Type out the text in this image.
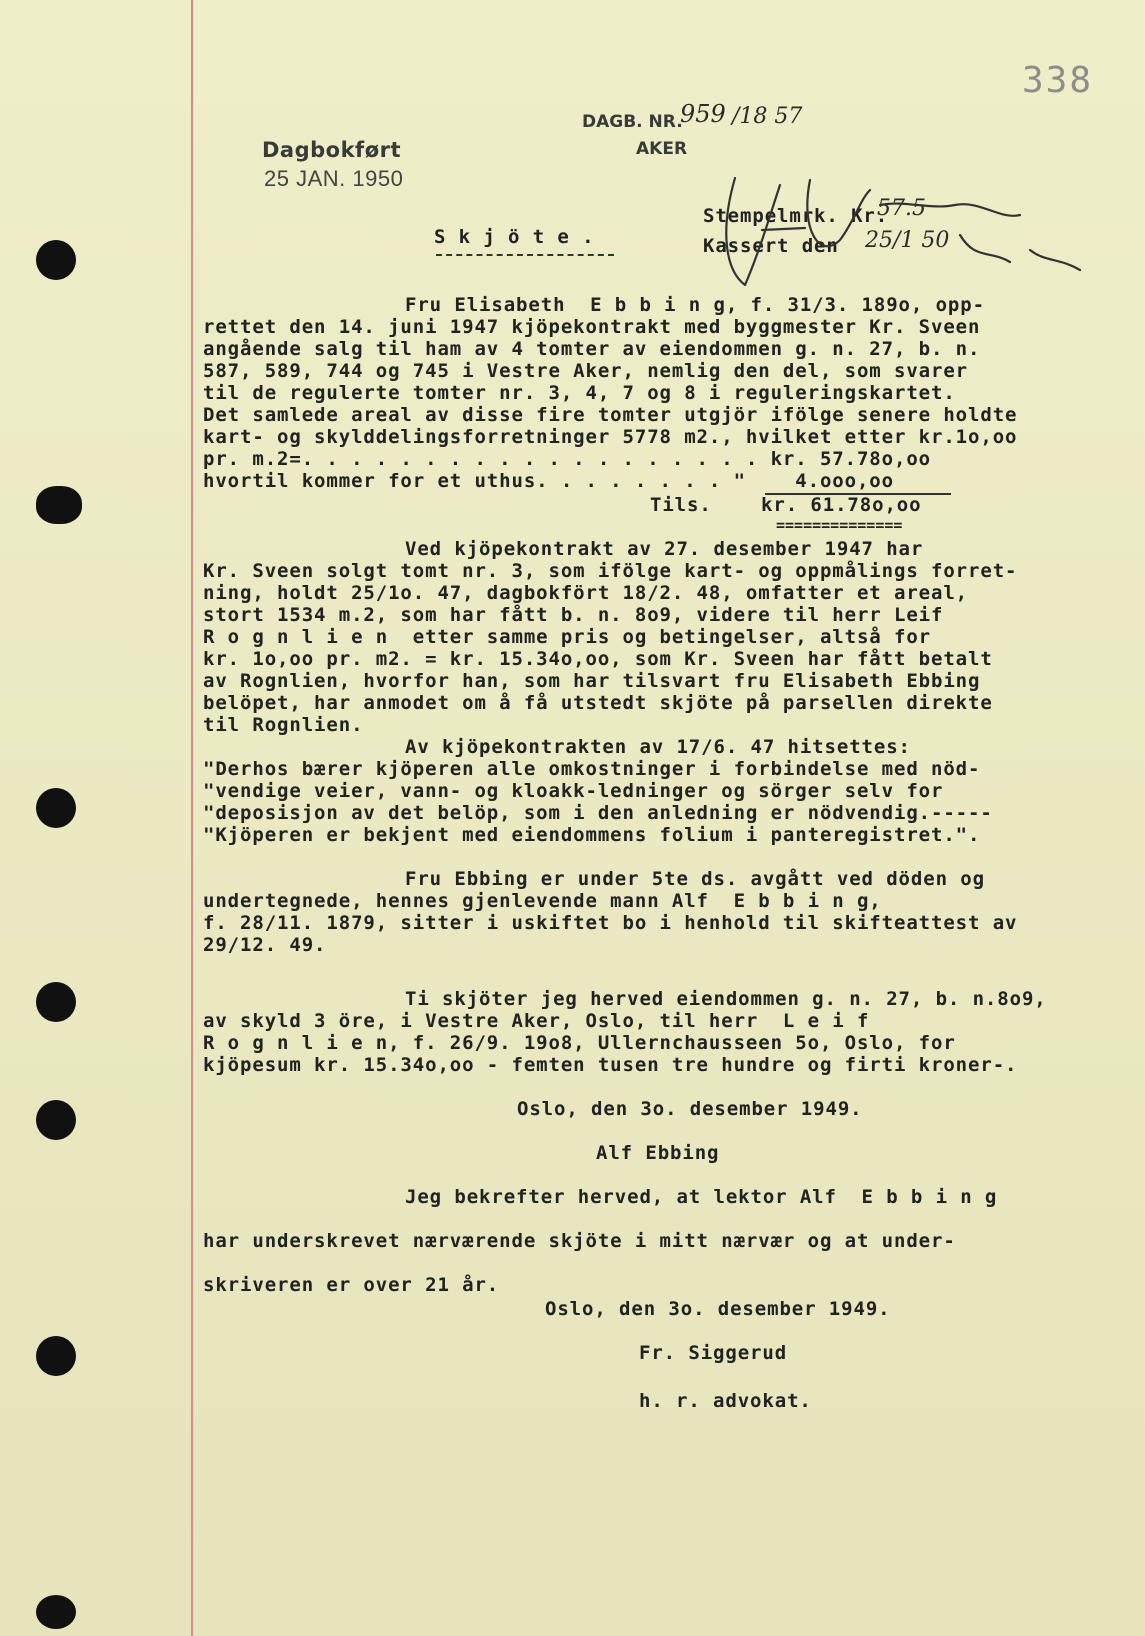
338
Dagbokført
25 JAN. 1950
DAGB. NR.
959 /18 57
AKER
S k j ö t e .
Stempelmrk. Kr.
Kassert den
57.5
25/1 50
Fru Elisabeth  E b b i n g, f. 31/3. 189o, opp-
rettet den 14. juni 1947 kjöpekontrakt med byggmester Kr. Sveen
angående salg til ham av 4 tomter av eiendommen g. n. 27, b. n.
587, 589, 744 og 745 i Vestre Aker, nemlig den del, som svarer
til de regulerte tomter nr. 3, 4, 7 og 8 i reguleringskartet.
Det samlede areal av disse fire tomter utgjör ifölge senere holdte
kart- og skylddelingsforretninger 5778 m2., hvilket etter kr.1o,oo
pr. m.2=. . . . . . . . . . . . . . . . . . . kr. 57.78o,oo
hvortil kommer for et uthus. . . . . . . . "    4.ooo,oo
Tils.    kr. 61.78o,oo
==============
Ved kjöpekontrakt av 27. desember 1947 har
Kr. Sveen solgt tomt nr. 3, som ifölge kart- og oppmålings forret-
ning, holdt 25/1o. 47, dagbokfört 18/2. 48, omfatter et areal,
stort 1534 m.2, som har fått b. n. 8o9, videre til herr Leif
R o g n l i e n  etter samme pris og betingelser, altså for
kr. 1o,oo pr. m2. = kr. 15.34o,oo, som Kr. Sveen har fått betalt
av Rognlien, hvorfor han, som har tilsvart fru Elisabeth Ebbing
belöpet, har anmodet om å få utstedt skjöte på parsellen direkte
til Rognlien.
Av kjöpekontrakten av 17/6. 47 hitsettes:
"Derhos bærer kjöperen alle omkostninger i forbindelse med nöd-
"vendige veier, vann- og kloakk-ledninger og sörger selv for
"deposisjon av det belöp, som i den anledning er nödvendig.-----
"Kjöperen er bekjent med eiendommens folium i panteregistret.".
Fru Ebbing er under 5te ds. avgått ved döden og
undertegnede, hennes gjenlevende mann Alf  E b b i n g,
f. 28/11. 1879, sitter i uskiftet bo i henhold til skifteattest av
29/12. 49.
Ti skjöter jeg herved eiendommen g. n. 27, b. n.8o9,
av skyld 3 öre, i Vestre Aker, Oslo, til herr  L e i f
R o g n l i e n, f. 26/9. 19o8, Ullernchausseen 5o, Oslo, for
kjöpesum kr. 15.34o,oo - femten tusen tre hundre og firti kroner-.
Oslo, den 3o. desember 1949.
Alf Ebbing
Jeg bekrefter herved, at lektor Alf  E b b i n g
har underskrevet nærværende skjöte i mitt nærvær og at under-
skriveren er over 21 år.
Oslo, den 3o. desember 1949.
Fr. Siggerud
h. r. advokat.
